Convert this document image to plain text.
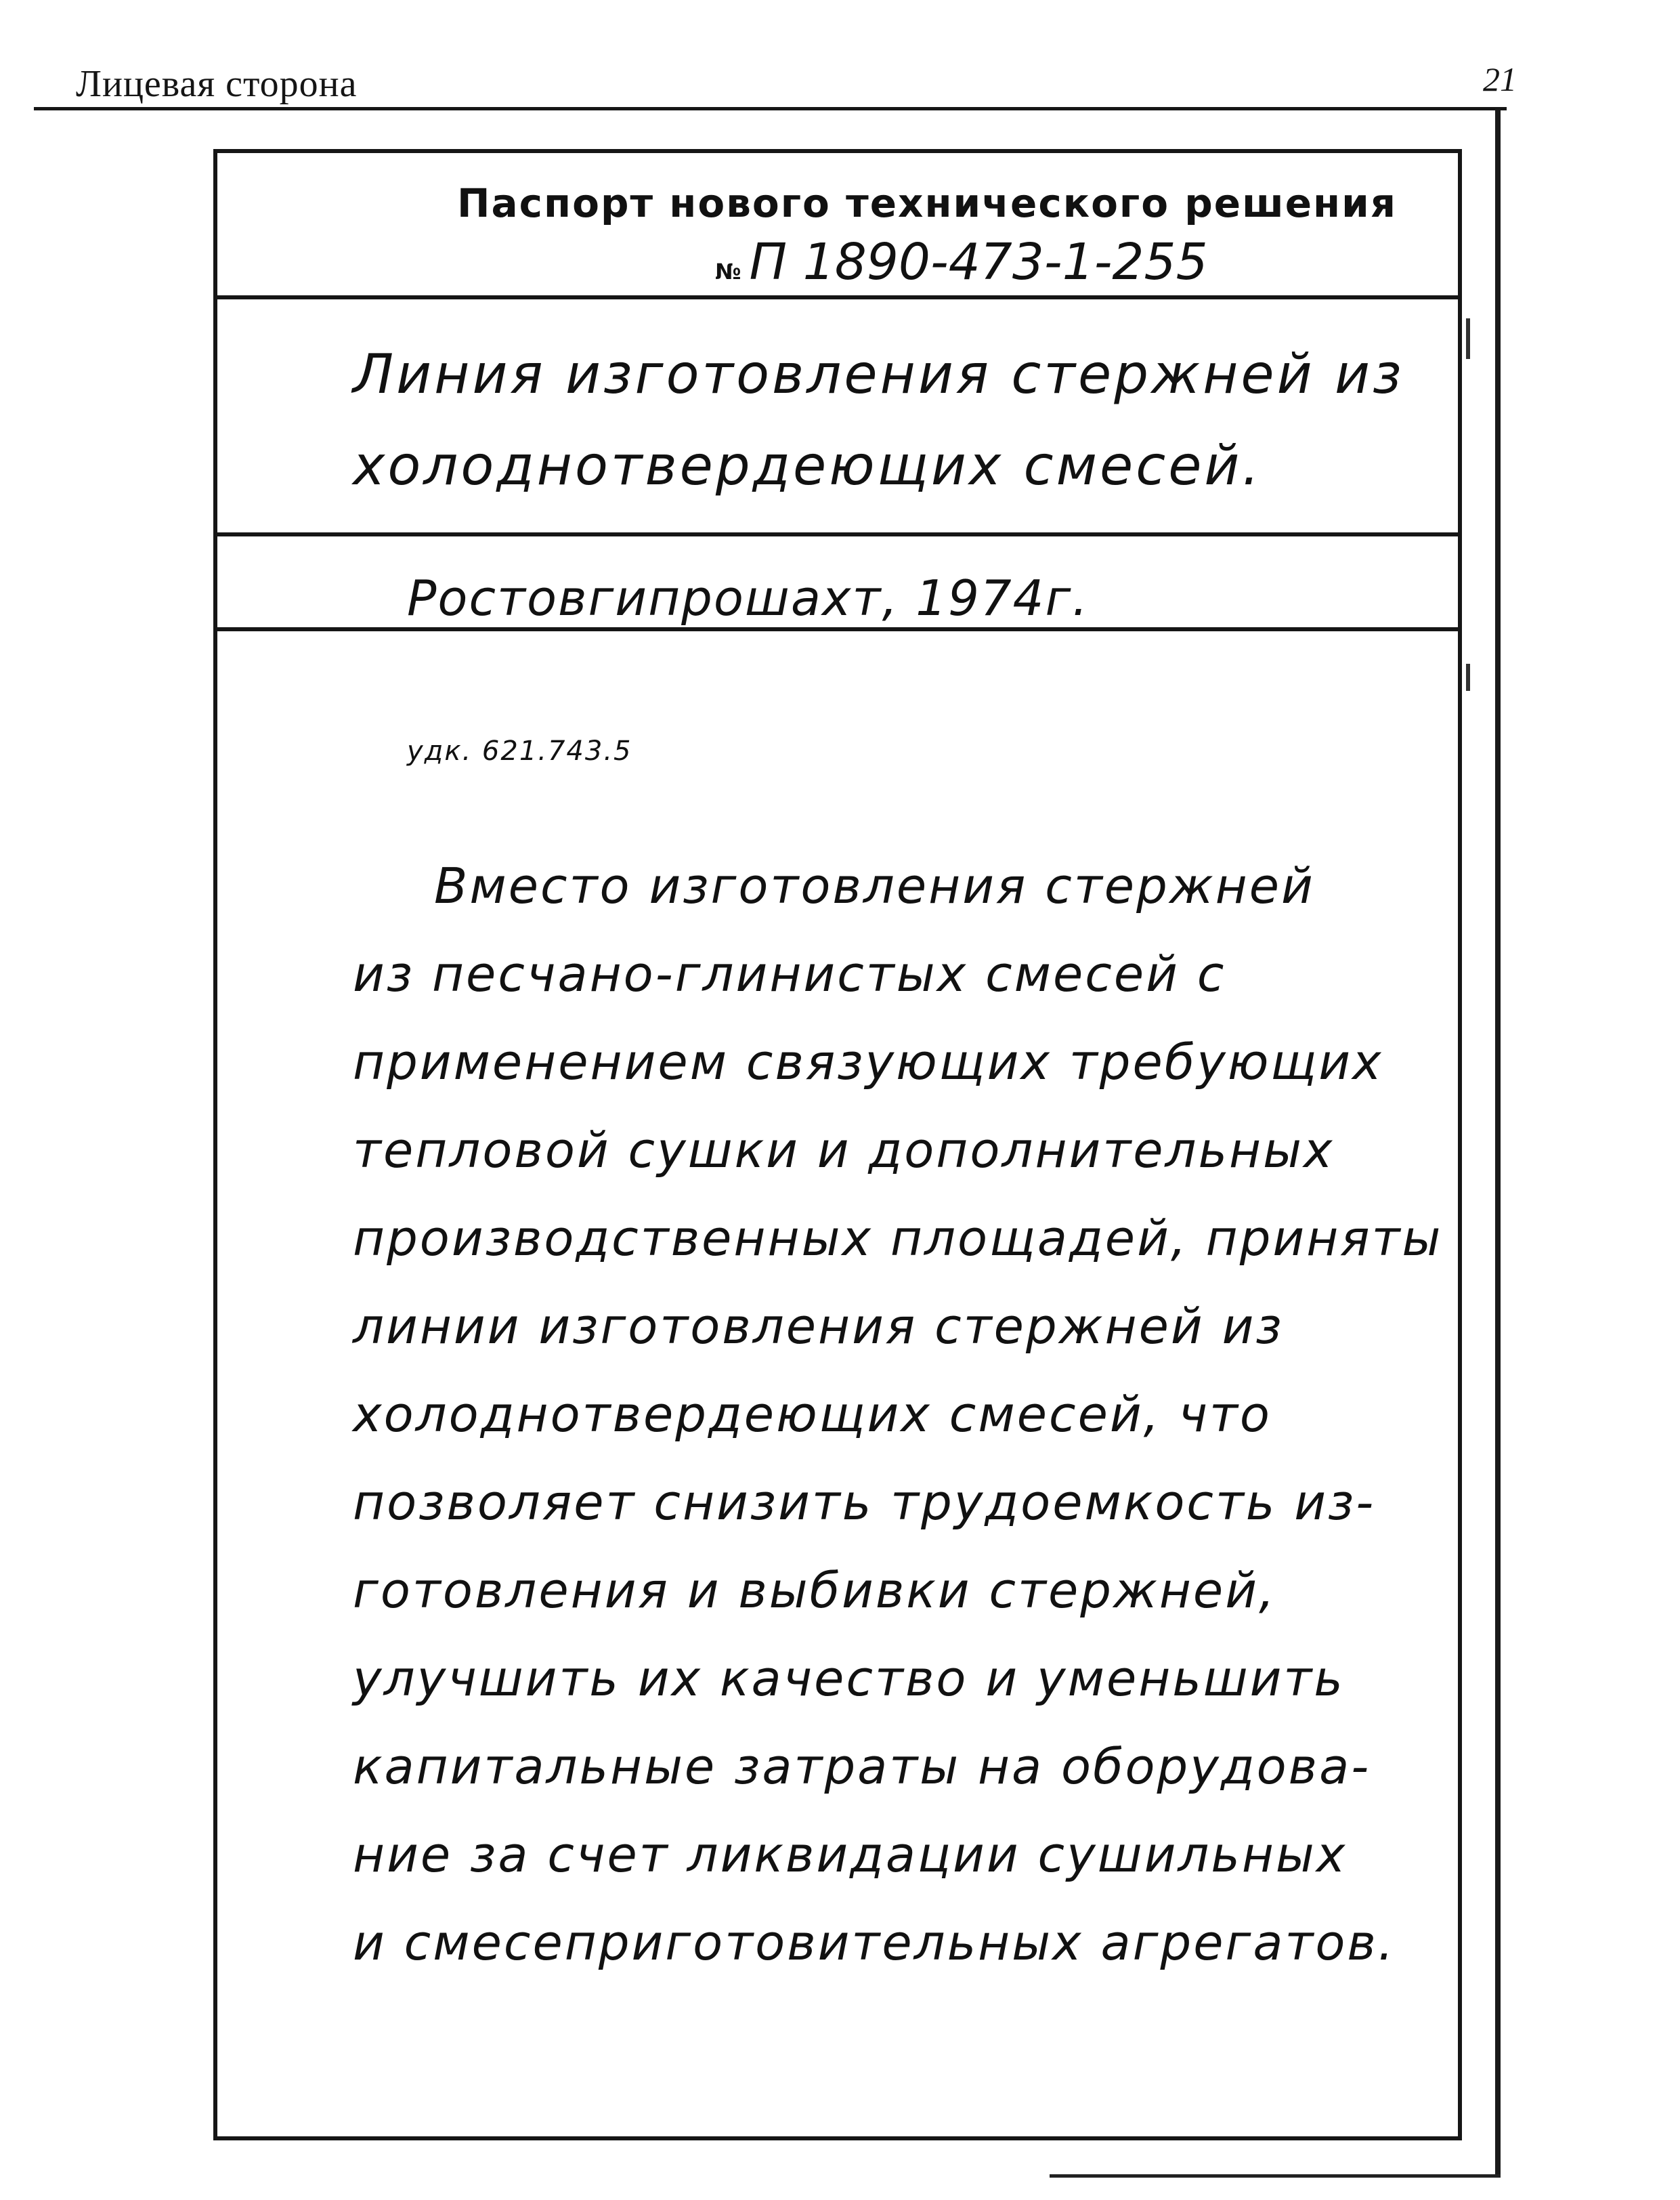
Лицевая сторона	21
Паспорт нового технического решения
№ П 1890-473-1-255
Линия изготовления стержней из
холоднотвердеющих смесей.
Ростовгипрошахт, 1974г.
удк. 621.743.5
Вместо изготовления стержней
из песчано-глинистых смесей с
применением связующих требующих
тепловой сушки и дополнительных
производственных площадей, приняты
линии изготовления стержней из
холоднотвердеющих смесей, что
позволяет снизить трудоемкость из-
готовления и выбивки стержней,
улучшить их качество и уменьшить
капитальные затраты на оборудова-
ние за счет ликвидации сушильных
и смесеприготовительных агрегатов.
